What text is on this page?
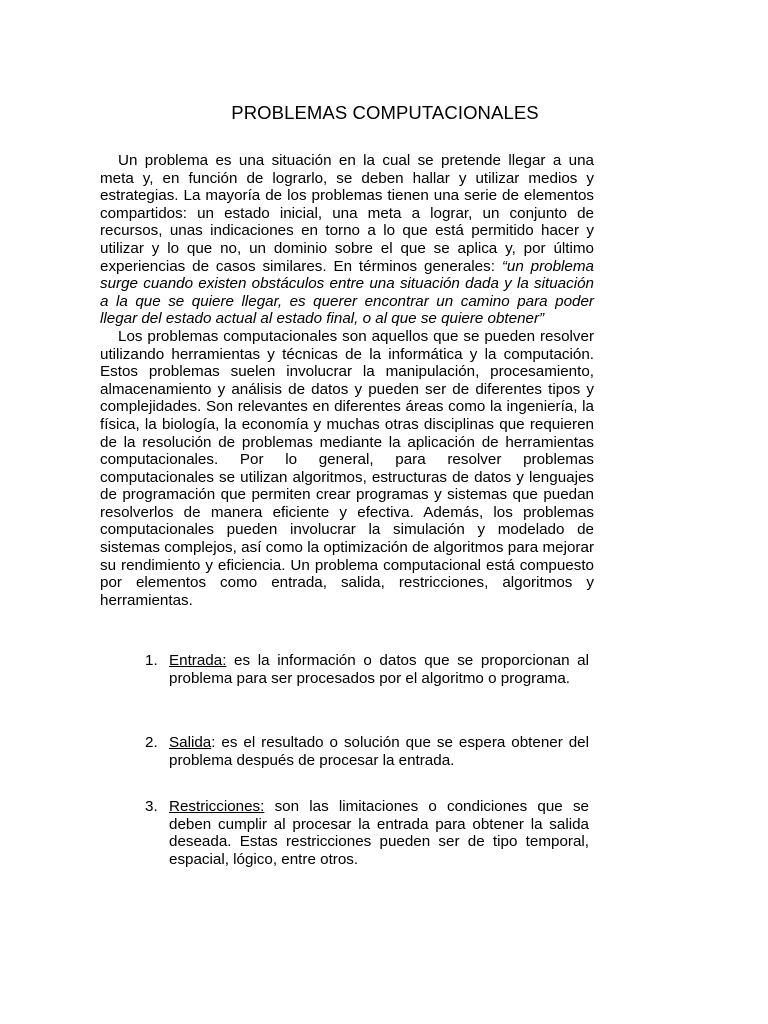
PROBLEMAS COMPUTACIONALES

Un problema es una situación en la cual se pretende llegar a una meta y, en función de lograrlo, se deben hallar y utilizar medios y estrategias. La mayoría de los problemas tienen una serie de elementos compartidos: un estado inicial, una meta a lograr, un conjunto de recursos, unas indicaciones en torno a lo que está permitido hacer y utilizar y lo que no, un dominio sobre el que se aplica y, por último experiencias de casos similares. En términos generales: “un problema surge cuando existen obstáculos entre una situación dada y la situación a la que se quiere llegar, es querer encontrar un camino para poder llegar del estado actual al estado final, o al que se quiere obtener”

Los problemas computacionales son aquellos que se pueden resolver utilizando herramientas y técnicas de la informática y la computación. Estos problemas suelen involucrar la manipulación, procesamiento, almacenamiento y análisis de datos y pueden ser de diferentes tipos y complejidades. Son relevantes en diferentes áreas como la ingeniería, la física, la biología, la economía y muchas otras disciplinas que requieren de la resolución de problemas mediante la aplicación de herramientas computacionales. Por lo general, para resolver problemas computacionales se utilizan algoritmos, estructuras de datos y lenguajes de programación que permiten crear programas y sistemas que puedan resolverlos de manera eficiente y efectiva. Además, los problemas computacionales pueden involucrar la simulación y modelado de sistemas complejos, así como la optimización de algoritmos para mejorar su rendimiento y eficiencia. Un problema computacional está compuesto por elementos como entrada, salida, restricciones, algoritmos y herramientas.

1. Entrada: es la información o datos que se proporcionan al problema para ser procesados por el algoritmo o programa.
2. Salida: es el resultado o solución que se espera obtener del problema después de procesar la entrada.
3. Restricciones: son las limitaciones o condiciones que se deben cumplir al procesar la entrada para obtener la salida deseada. Estas restricciones pueden ser de tipo temporal, espacial, lógico, entre otros.
